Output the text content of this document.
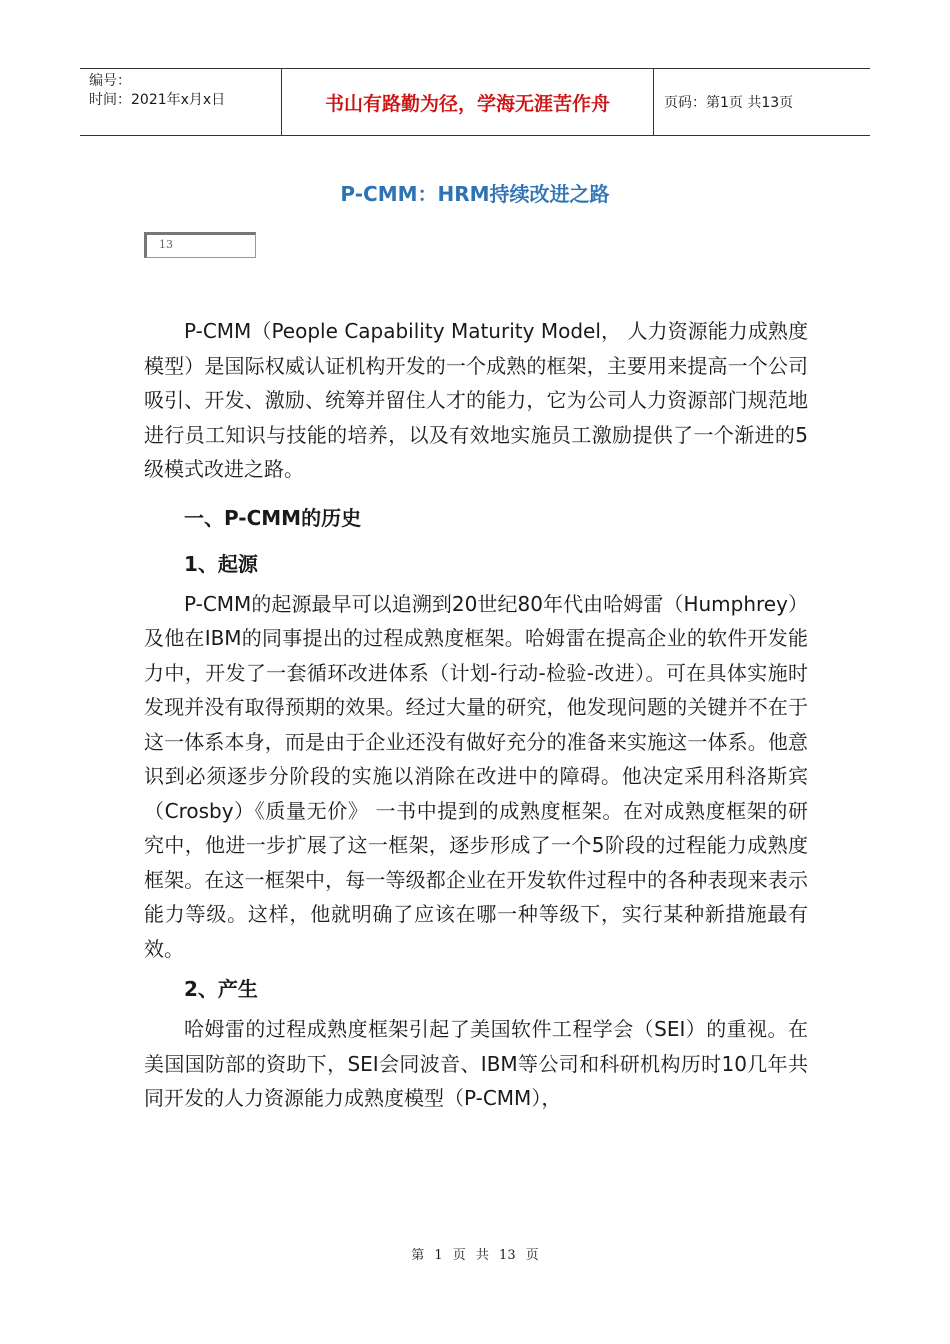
编号：
时间：2021年x月x日	书山有路勤为径，学海无涯苦作舟	页码：第1页 共13页
P-CMM：HRM持续改进之路
13

P-CMM（People Capability Maturity Model， 人力资源能力成熟度模型）是国际权威认证机构开发的一个成熟的框架，主要用来提高一个公司吸引、开发、激励、统筹并留住人才的能力，它为公司人力资源部门规范地进行员工知识与技能的培养，以及有效地实施员工激励提供了一个渐进的5级模式改进之路。

一、P-CMM的历史
1、起源

P-CMM的起源最早可以追溯到20世纪80年代由哈姆雷（Humphrey）及他在IBM的同事提出的过程成熟度框架。哈姆雷在提高企业的软件开发能力中，开发了一套循环改进体系（计划-行动-检验-改进）。可在具体实施时发现并没有取得预期的效果。经过大量的研究，他发现问题的关键并不在于这一体系本身，而是由于企业还没有做好充分的准备来实施这一体系。他意识到必须逐步分阶段的实施以消除在改进中的障碍。他决定采用科洛斯宾（Crosby）《质量无价》 一书中提到的成熟度框架。在对成熟度框架的研究中，他进一步扩展了这一框架，逐步形成了一个5阶段的过程能力成熟度框架。在这一框架中，每一等级都企业在开发软件过程中的各种表现来表示能力等级。这样，他就明确了应该在哪一种等级下，实行某种新措施最有效。

2、产生

哈姆雷的过程成熟度框架引起了美国软件工程学会（SEI）的重视。在美国国防部的资助下，SEI会同波音、IBM等公司和科研机构历时10几年共同开发的人力资源能力成熟度模型（P-CMM），

第 1 页 共 13 页
